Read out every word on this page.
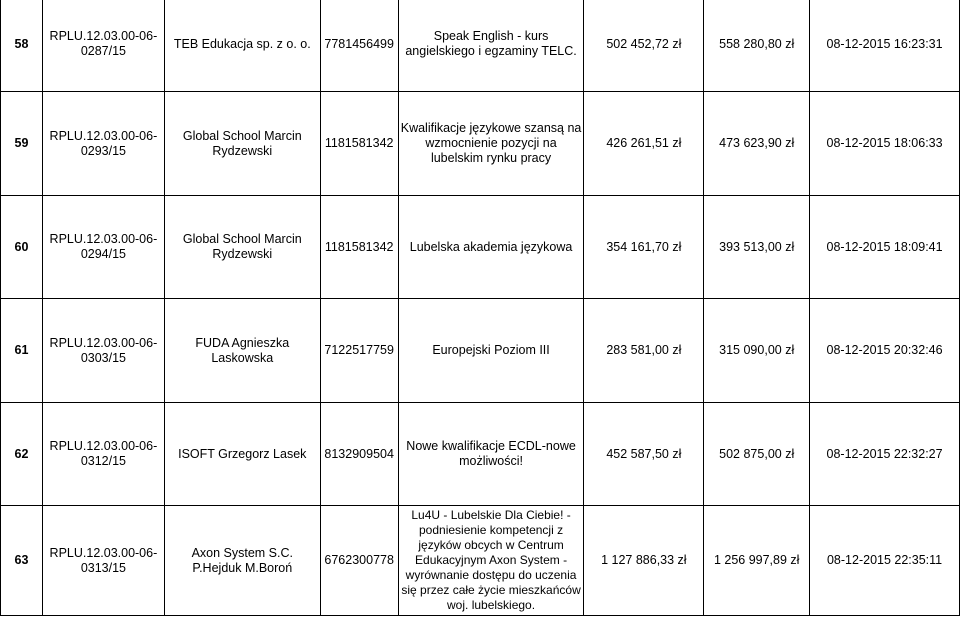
58	RPLU.12.03.00-06-0287/15	TEB Edukacja sp. z o. o.	7781456499	Speak English - kurs angielskiego i egzaminy TELC.	502 452,72 zł	558 280,80 zł	08-12-2015 16:23:31
59	RPLU.12.03.00-06-0293/15	Global School Marcin Rydzewski	1181581342	Kwalifikacje językowe szansą na wzmocnienie pozycji na lubelskim rynku pracy	426 261,51 zł	473 623,90 zł	08-12-2015 18:06:33
60	RPLU.12.03.00-06-0294/15	Global School Marcin Rydzewski	1181581342	Lubelska akademia językowa	354 161,70 zł	393 513,00 zł	08-12-2015 18:09:41
61	RPLU.12.03.00-06-0303/15	FUDA Agnieszka Laskowska	7122517759	Europejski Poziom III	283 581,00 zł	315 090,00 zł	08-12-2015 20:32:46
62	RPLU.12.03.00-06-0312/15	ISOFT Grzegorz Lasek	8132909504	Nowe kwalifikacje ECDL-nowe możliwości!	452 587,50 zł	502 875,00 zł	08-12-2015 22:32:27
63	RPLU.12.03.00-06-0313/15	Axon System S.C. P.Hejduk M.Boroń	6762300778	Lu4U - Lubelskie Dla Ciebie! - podniesienie kompetencji z języków obcych w Centrum Edukacyjnym Axon System - wyrównanie dostępu do uczenia się przez całe życie mieszkańców woj. lubelskiego.	1 127 886,33 zł	1 256 997,89 zł	08-12-2015 22:35:11
